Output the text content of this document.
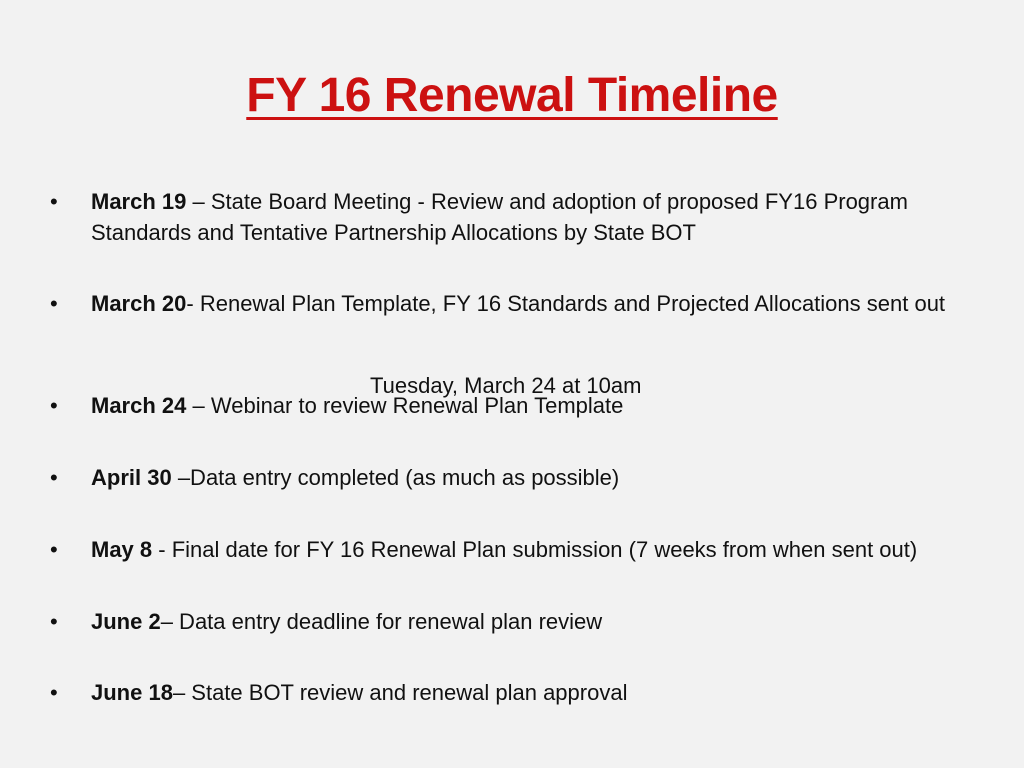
FY 16 Renewal Timeline
Tuesday, March 24 at 10am
• March 19 – State Board Meeting - Review and adoption of proposed FY16 Program Standards and Tentative Partnership Allocations by State BOT
• March 20- Renewal Plan Template, FY 16 Standards and Projected Allocations sent out
• March 24 – Webinar to review Renewal Plan Template
• April 30 –Data entry completed (as much as possible)
• May 8 - Final date for FY 16 Renewal Plan submission (7 weeks from when sent out)
• June 2– Data entry deadline for renewal plan review
• June 18– State BOT review and renewal plan approval
